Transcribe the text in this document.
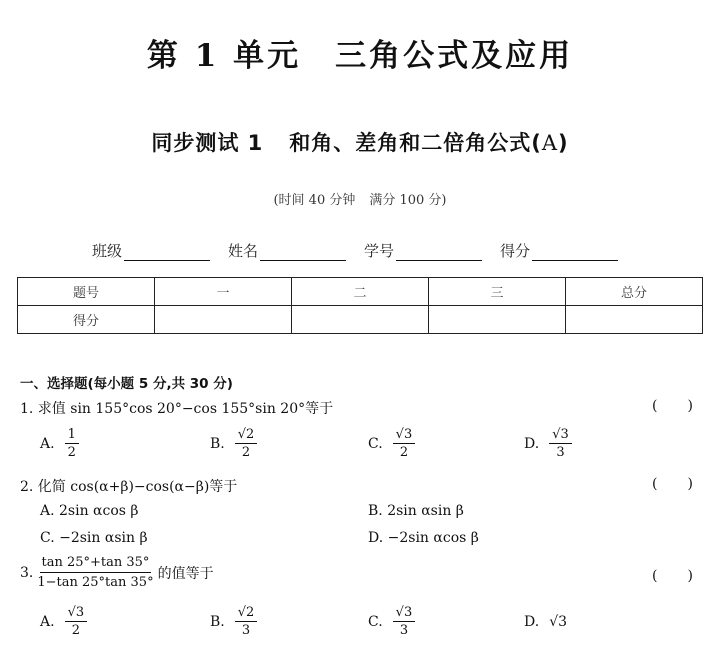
第 1 单元 三角公式及应用
同步测试 1 和角、差角和二倍角公式(A)
(时间 40 分钟 满分 100 分)
班级	姓名	学号	得分
题号	一	二	三	总分
得分				
一、选择题(每小题 5 分,共 30 分)
1. 求值 sin 155°cos 20°−cos 155°sin 20°等于	( )
A. $\frac{1}{2}$	B. $\frac{√2}{2}$	C. $\frac{√3}{2}$	D. $\frac{√3}{3}$
2. 化简 cos(α+β)−cos(α−β)等于	( )
A. 2sin αcos β	B. 2sin αsin β
C. −2sin αsin β	D. −2sin αcos β
3. $\frac{\tan 25^\circ+\tan 35^\circ}{1-\tan 25^\circ\tan 35^\circ}$ 的值等于	( )
A. $\frac{√3}{2}$	B. $\frac{√2}{3}$	C. $\frac{√3}{3}$	D. √3
